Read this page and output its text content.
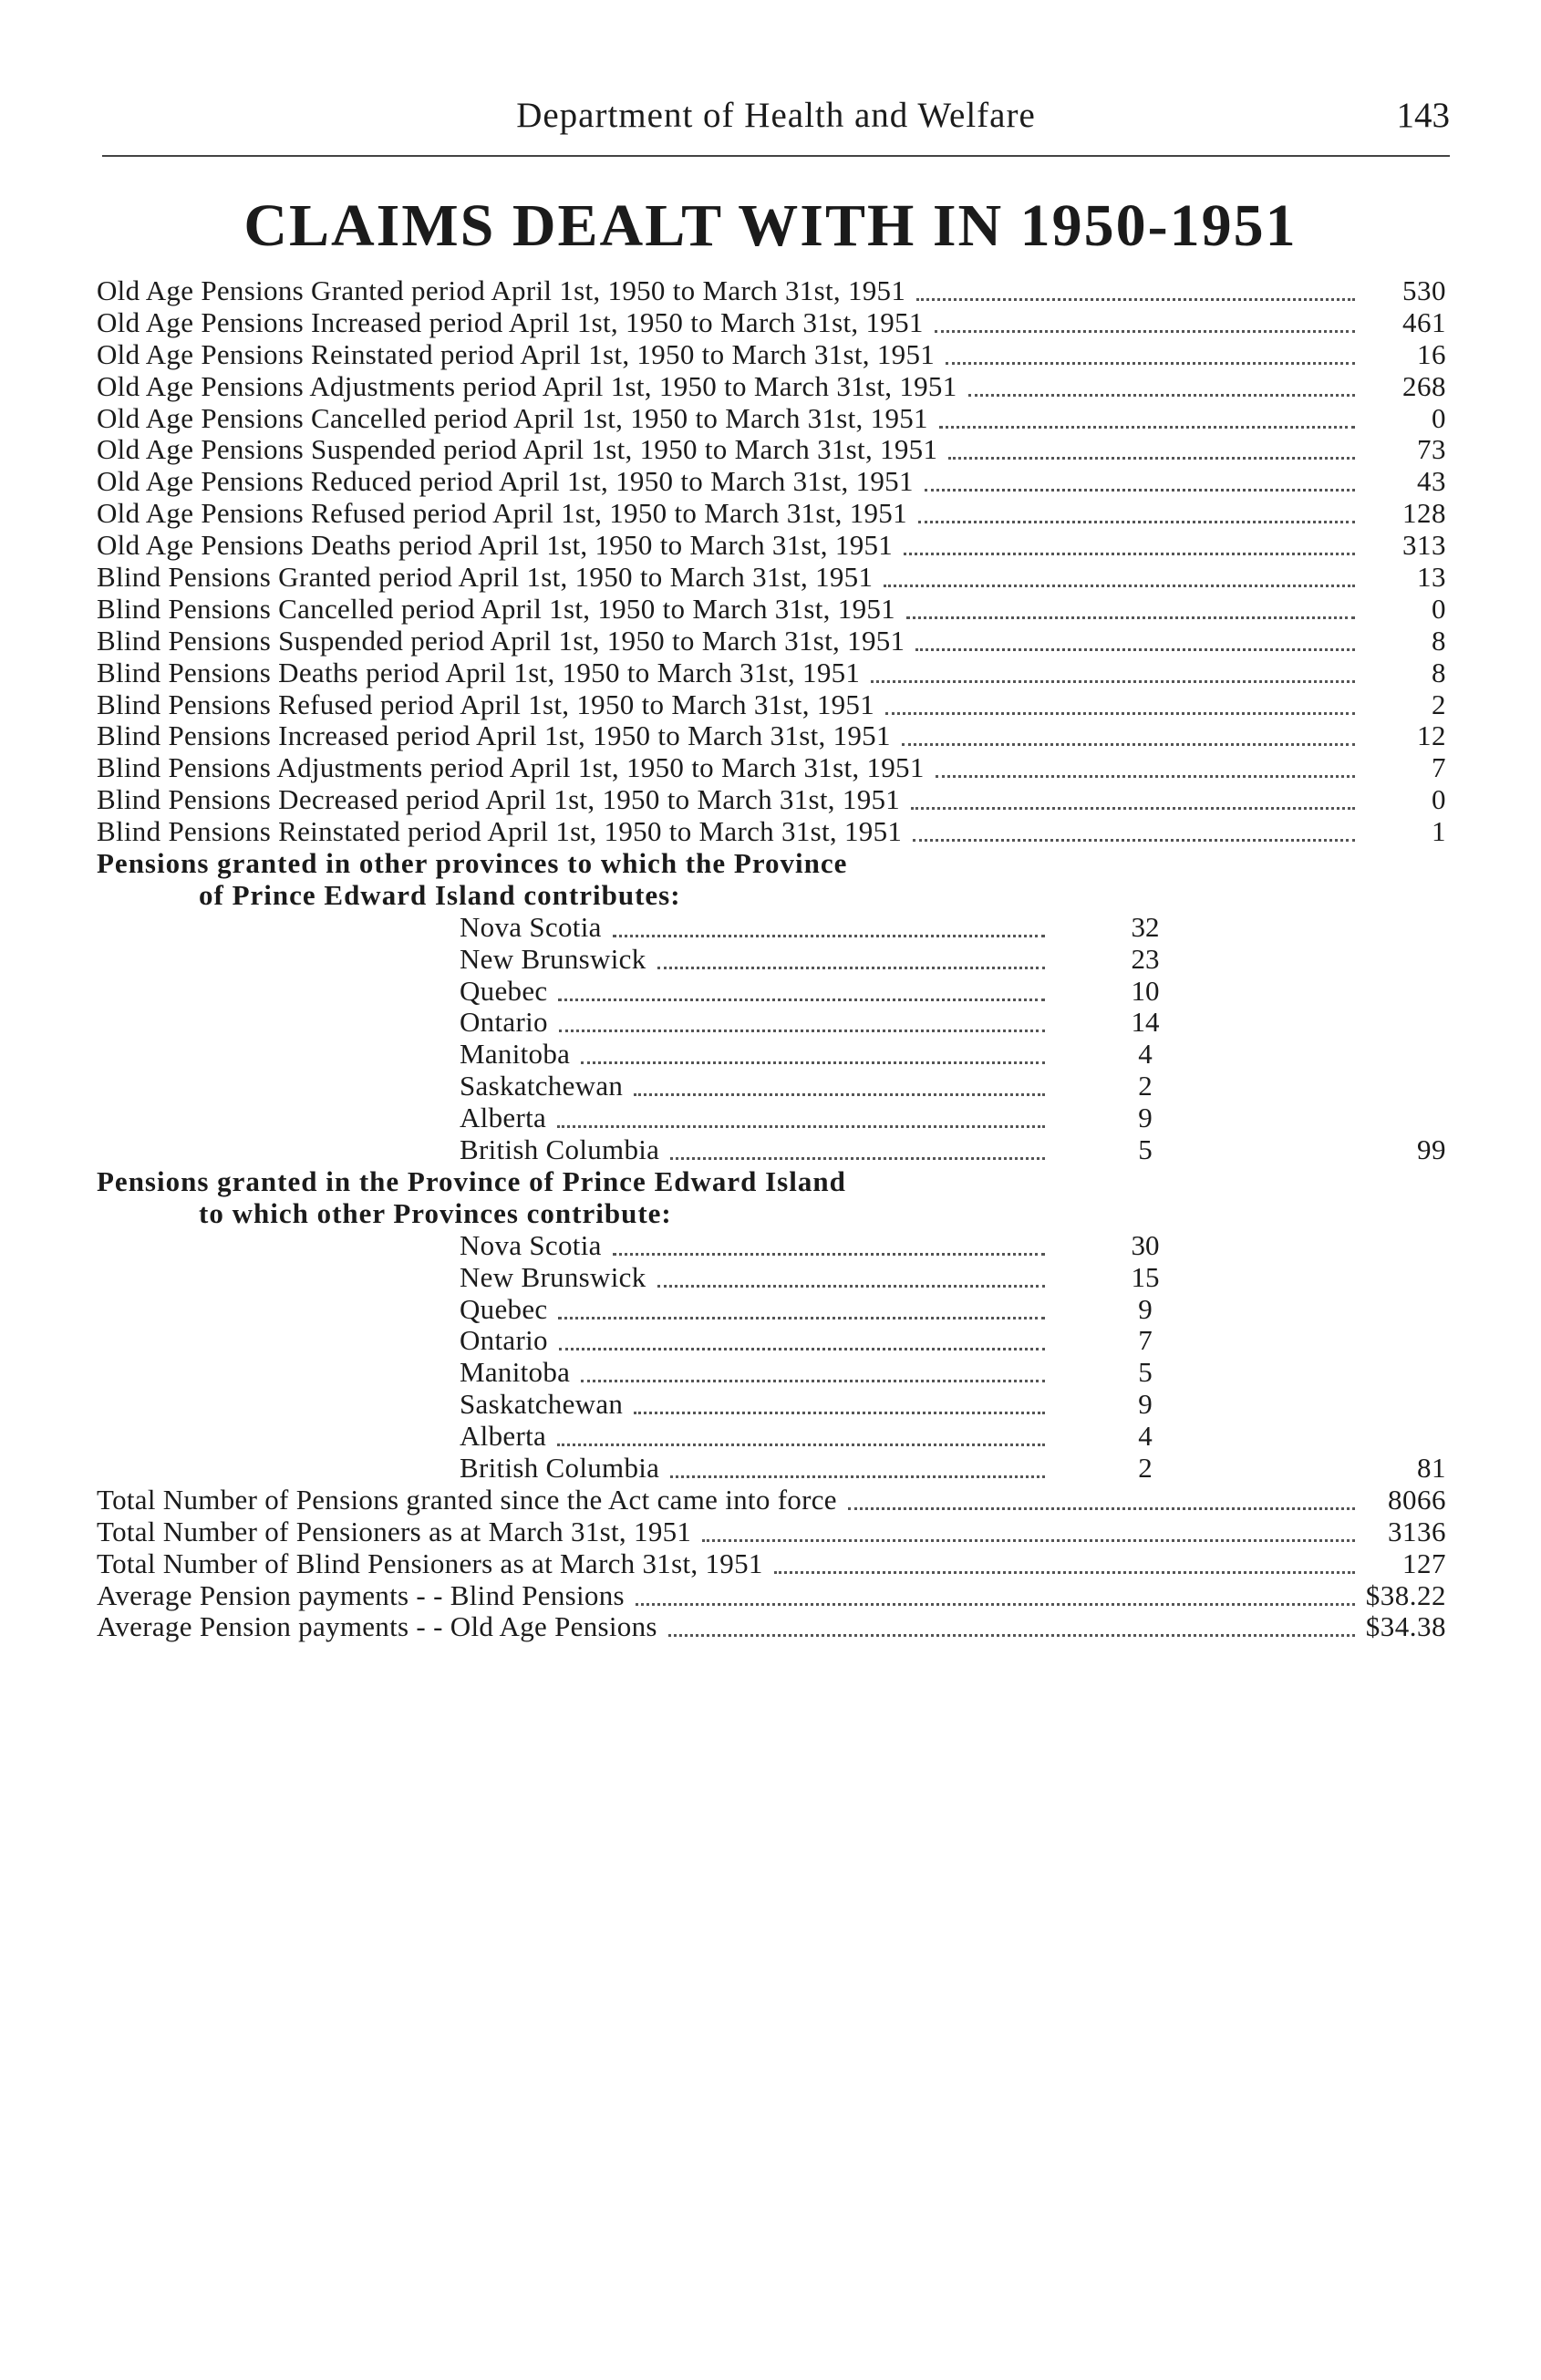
Department of Health and Welfare	143
CLAIMS DEALT WITH IN 1950-1951
Old Age Pensions Granted period April 1st, 1950 to March 31st, 1951	530
Old Age Pensions Increased period April 1st, 1950 to March 31st, 1951	461
Old Age Pensions Reinstated period April 1st, 1950 to March 31st, 1951	16
Old Age Pensions Adjustments period April 1st, 1950 to March 31st, 1951	268
Old Age Pensions Cancelled period April 1st, 1950 to March 31st, 1951	0
Old Age Pensions Suspended period April 1st, 1950 to March 31st, 1951	73
Old Age Pensions Reduced period April 1st, 1950 to March 31st, 1951	43
Old Age Pensions Refused period April 1st, 1950 to March 31st, 1951	128
Old Age Pensions Deaths period April 1st, 1950 to March 31st, 1951	313
Blind Pensions Granted period April 1st, 1950 to March 31st, 1951	13
Blind Pensions Cancelled period April 1st, 1950 to March 31st, 1951	0
Blind Pensions Suspended period April 1st, 1950 to March 31st, 1951	8
Blind Pensions Deaths period April 1st, 1950 to March 31st, 1951	8
Blind Pensions Refused period April 1st, 1950 to March 31st, 1951	2
Blind Pensions Increased period April 1st, 1950 to March 31st, 1951	12
Blind Pensions Adjustments period April 1st, 1950 to March 31st, 1951	7
Blind Pensions Decreased period April 1st, 1950 to March 31st, 1951	0
Blind Pensions Reinstated period April 1st, 1950 to March 31st, 1951	1
Pensions granted in other provinces to which the Province
of Prince Edward Island contributes:
Nova Scotia	32
New Brunswick	23
Quebec	10
Ontario	14
Manitoba	4
Saskatchewan	2
Alberta	9
British Columbia	5	99
Pensions granted in the Province of Prince Edward Island
to which other Provinces contribute:
Nova Scotia	30
New Brunswick	15
Quebec	9
Ontario	7
Manitoba	5
Saskatchewan	9
Alberta	4
British Columbia	2	81
Total Number of Pensions granted since the Act came into force	8066
Total Number of Pensioners as at March 31st, 1951	3136
Total Number of Blind Pensioners as at March 31st, 1951	127
Average Pension payments - - Blind Pensions	$38.22
Average Pension payments - - Old Age Pensions	$34.38
